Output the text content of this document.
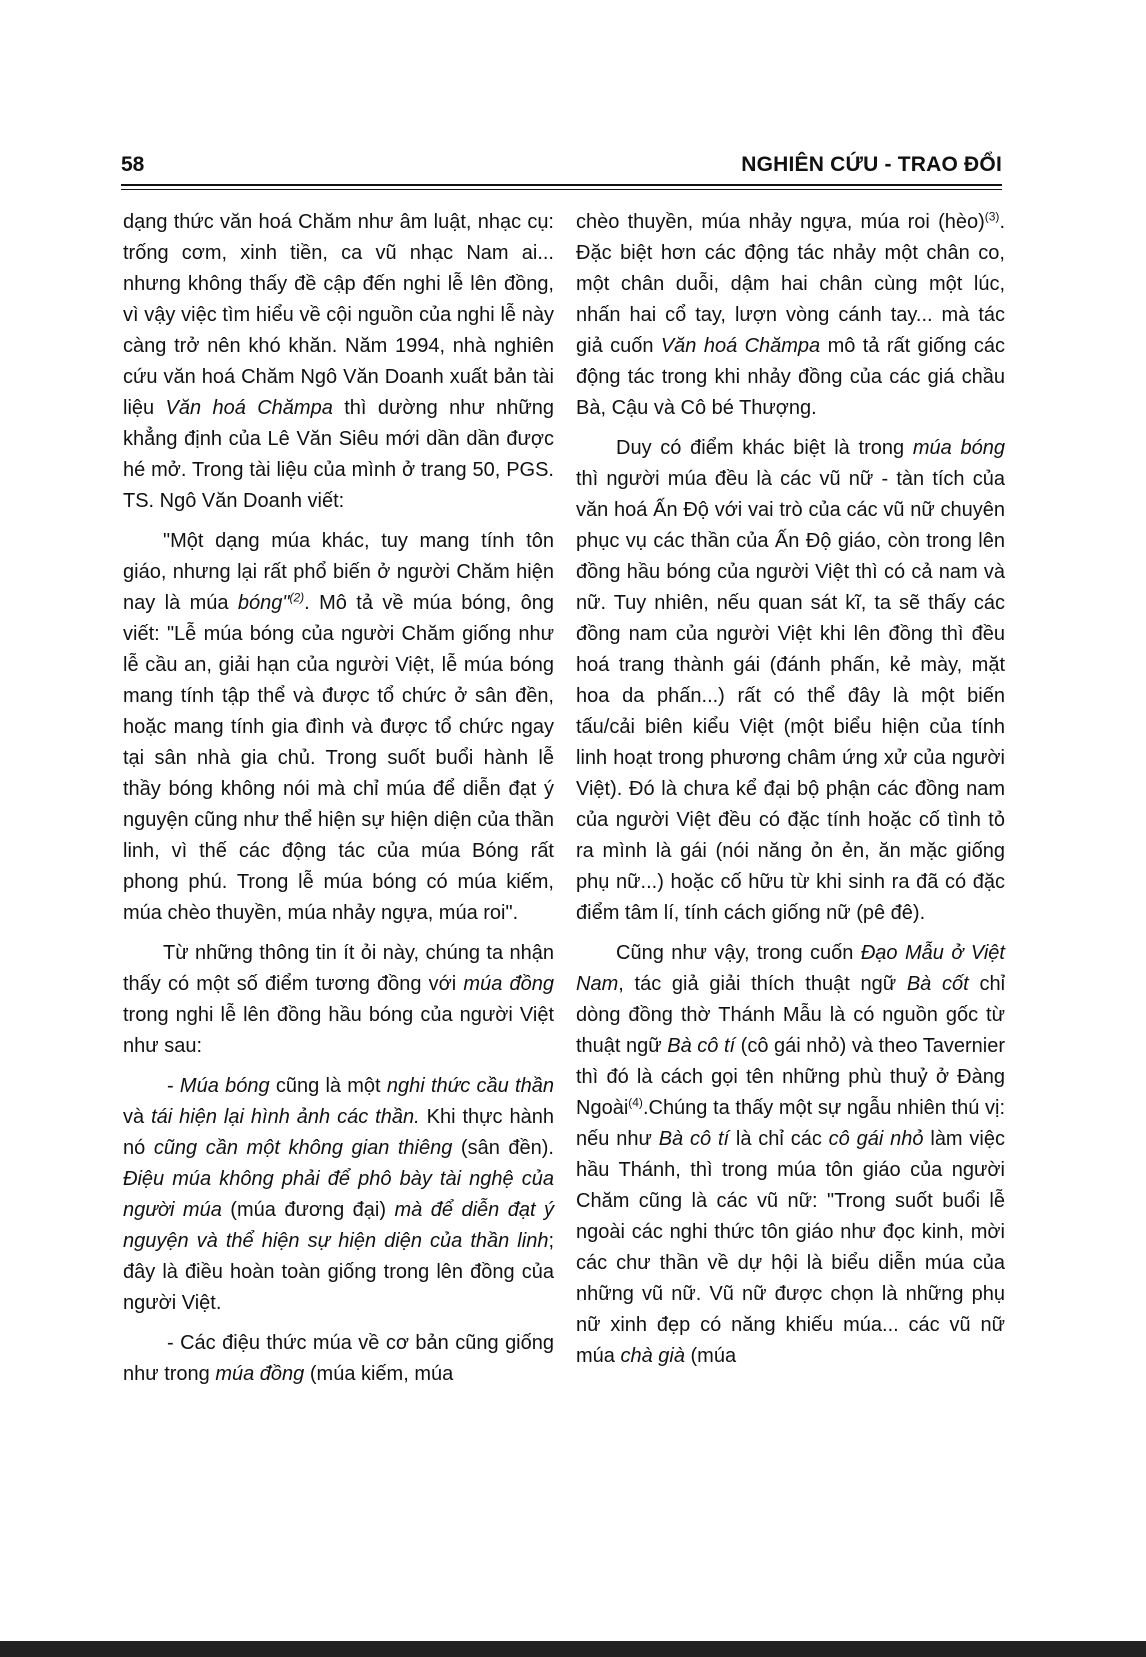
58	NGHIÊN CỨU - TRAO ĐỔI

dạng thức văn hoá Chăm như âm luật, nhạc cụ: trống cơm, xinh tiền, ca vũ nhạc Nam ai... nhưng không thấy đề cập đến nghi lễ lên đồng, vì vậy việc tìm hiểu về cội nguồn của nghi lễ này càng trở nên khó khăn. Năm 1994, nhà nghiên cứu văn hoá Chăm Ngô Văn Doanh xuất bản tài liệu Văn hoá Chămpa thì dường như những khẳng định của Lê Văn Siêu mới dần dần được hé mở. Trong tài liệu của mình ở trang 50, PGS. TS. Ngô Văn Doanh viết:

"Một dạng múa khác, tuy mang tính tôn giáo, nhưng lại rất phổ biến ở người Chăm hiện nay là múa bóng"$^{(2)}$. Mô tả về múa bóng, ông viết: "Lễ múa bóng của người Chăm giống như lễ cầu an, giải hạn của người Việt, lễ múa bóng mang tính tập thể và được tổ chức ở sân đền, hoặc mang tính gia đình và được tổ chức ngay tại sân nhà gia chủ. Trong suốt buổi hành lễ thầy bóng không nói mà chỉ múa để diễn đạt ý nguyện cũng như thể hiện sự hiện diện của thần linh, vì thế các động tác của múa Bóng rất phong phú. Trong lễ múa bóng có múa kiếm, múa chèo thuyền, múa nhảy ngựa, múa roi".

Từ những thông tin ít ỏi này, chúng ta nhận thấy có một số điểm tương đồng với múa đồng trong nghi lễ lên đồng hầu bóng của người Việt như sau:

- Múa bóng cũng là một nghi thức cầu thần và tái hiện lại hình ảnh các thần. Khi thực hành nó cũng cần một không gian thiêng (sân đền). Điệu múa không phải để phô bày tài nghệ của người múa (múa đương đại) mà để diễn đạt ý nguyện và thể hiện sự hiện diện của thần linh; đây là điều hoàn toàn giống trong lên đồng của người Việt.

- Các điệu thức múa về cơ bản cũng giống như trong múa đồng (múa kiếm, múa

chèo thuyền, múa nhảy ngựa, múa roi (hèo)$^{(3)}$. Đặc biệt hơn các động tác nhảy một chân co, một chân duỗi, dậm hai chân cùng một lúc, nhấn hai cổ tay, lượn vòng cánh tay... mà tác giả cuốn Văn hoá Chămpa mô tả rất giống các động tác trong khi nhảy đồng của các giá chầu Bà, Cậu và Cô bé Thượng.

Duy có điểm khác biệt là trong múa bóng thì người múa đều là các vũ nữ - tàn tích của văn hoá Ấn Độ với vai trò của các vũ nữ chuyên phục vụ các thần của Ấn Độ giáo, còn trong lên đồng hầu bóng của người Việt thì có cả nam và nữ. Tuy nhiên, nếu quan sát kĩ, ta sẽ thấy các đồng nam của người Việt khi lên đồng thì đều hoá trang thành gái (đánh phấn, kẻ mày, mặt hoa da phấn...) rất có thể đây là một biến tấu/cải biên kiểu Việt (một biểu hiện của tính linh hoạt trong phương châm ứng xử của người Việt). Đó là chưa kể đại bộ phận các đồng nam của người Việt đều có đặc tính hoặc cố tình tỏ ra mình là gái (nói năng ỏn ẻn, ăn mặc giống phụ nữ...) hoặc cố hữu từ khi sinh ra đã có đặc điểm tâm lí, tính cách giống nữ (pê đê).

Cũng như vậy, trong cuốn Đạo Mẫu ở Việt Nam, tác giả giải thích thuật ngữ Bà cốt chỉ dòng đồng thờ Thánh Mẫu là có nguồn gốc từ thuật ngữ Bà cô tí (cô gái nhỏ) và theo Tavernier thì đó là cách gọi tên những phù thuỷ ở Đàng Ngoài$^{(4)}$.Chúng ta thấy một sự ngẫu nhiên thú vị: nếu như Bà cô tí là chỉ các cô gái nhỏ làm việc hầu Thánh, thì trong múa tôn giáo của người Chăm cũng là các vũ nữ: "Trong suốt buổi lễ ngoài các nghi thức tôn giáo như đọc kinh, mời các chư thần về dự hội là biểu diễn múa của những vũ nữ. Vũ nữ được chọn là những phụ nữ xinh đẹp có năng khiếu múa... các vũ nữ múa chà già (múa
